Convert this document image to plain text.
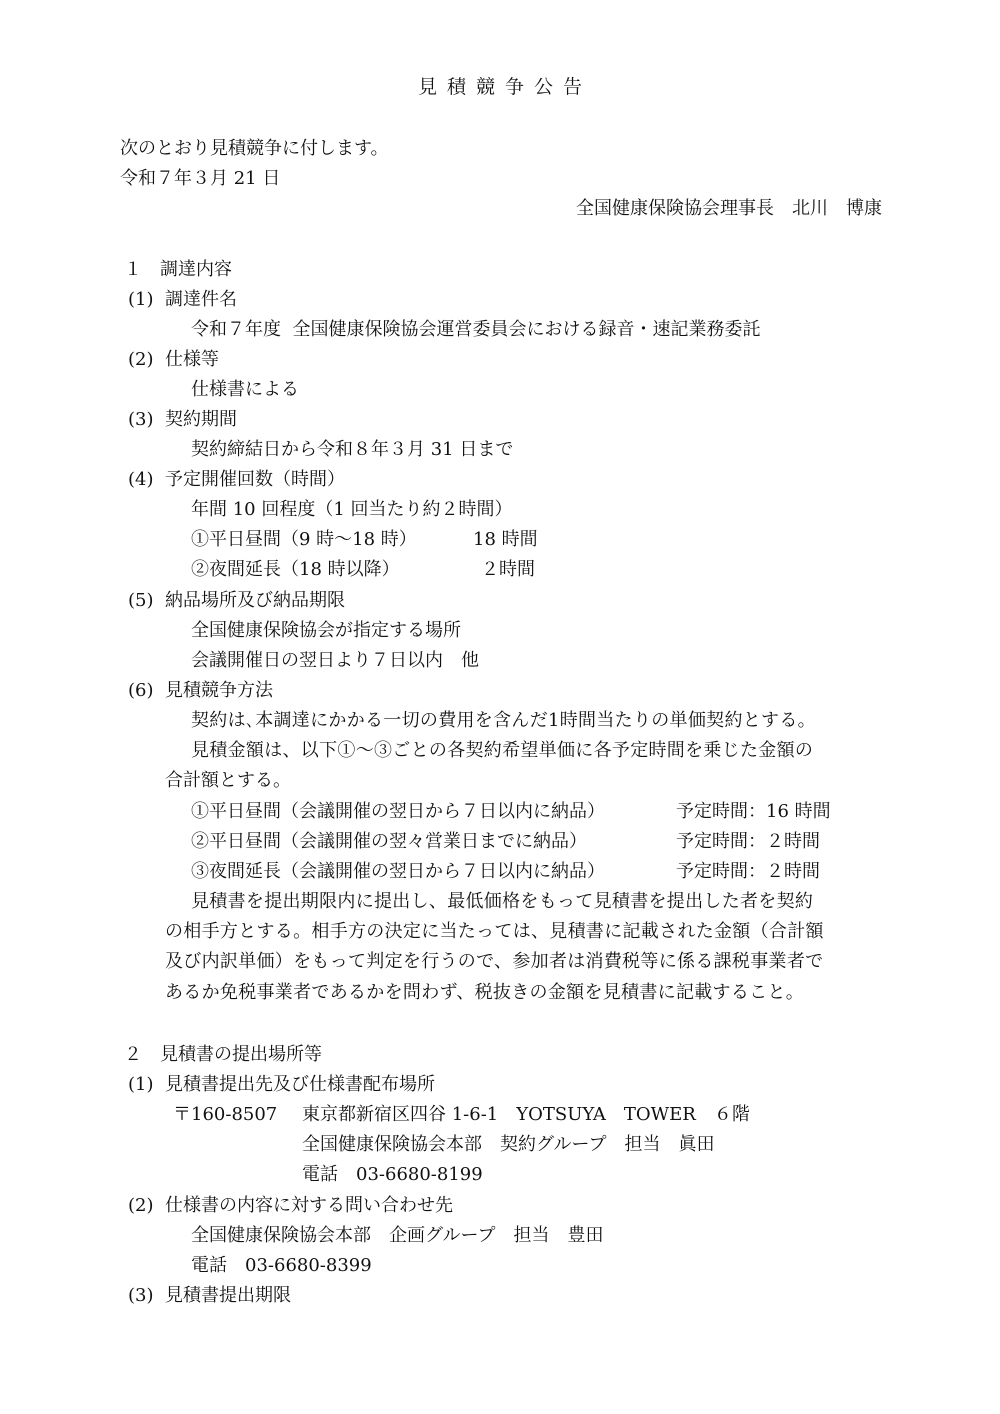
見積競争公告
次のとおり見積競争に付します。
令和７年３月 21 日
全国健康保険協会理事長　北川　博康
１　調達内容
(1)  調達件名
令和７年度  全国健康保険協会運営委員会における録音・速記業務委託
(2)  仕様等
仕様書による
(3)  契約期間
契約締結日から令和８年３月 31 日まで
(4)  予定開催回数（時間）
年間 10 回程度（1 回当たり約２時間）
①平日昼間（9 時～18 時）	18 時間
②夜間延長（18 時以降）	２時間
(5)  納品場所及び納品期限
全国健康保険協会が指定する場所
会議開催日の翌日より７日以内　他
(6)  見積競争方法
契約は､本調達にかかる一切の費用を含んだ1時間当たりの単価契約とする。
見積金額は、以下①～③ごとの各契約希望単価に各予定時間を乗じた金額の
合計額とする。
①平日昼間（会議開催の翌日から７日以内に納品）	予定時間：16 時間
②平日昼間（会議開催の翌々営業日までに納品）	予定時間：２時間
③夜間延長（会議開催の翌日から７日以内に納品）	予定時間：２時間
見積書を提出期限内に提出し、最低価格をもって見積書を提出した者を契約
の相手方とする。相手方の決定に当たっては、見積書に記載された金額（合計額
及び内訳単価）をもって判定を行うので、参加者は消費税等に係る課税事業者で
あるか免税事業者であるかを問わず、税抜きの金額を見積書に記載すること。
２　見積書の提出場所等
(1)  見積書提出先及び仕様書配布場所
〒160-8507 東京都新宿区四谷 1-6-1　YOTSUYA　TOWER　６階
全国健康保険協会本部　契約グループ　担当　眞田
電話　03-6680-8199
(2)  仕様書の内容に対する問い合わせ先
全国健康保険協会本部　企画グループ　担当　豊田
電話　03-6680-8399
(3)  見積書提出期限
